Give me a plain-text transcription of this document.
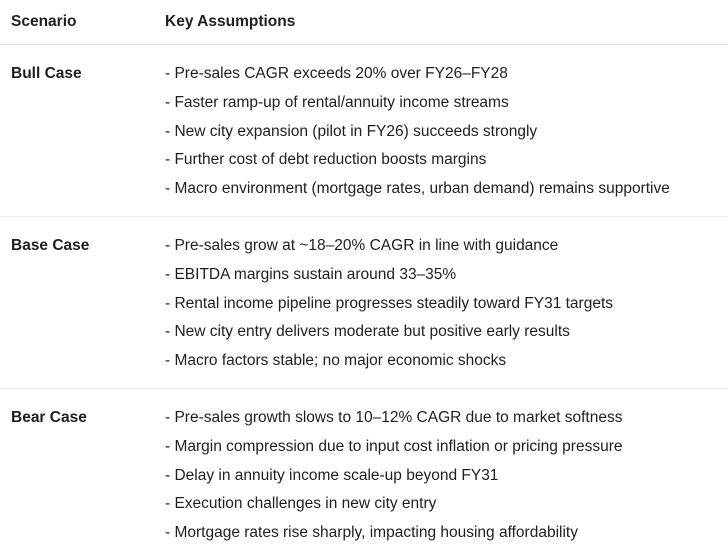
Scenario	Key Assumptions
Bull Case	- Pre-sales CAGR exceeds 20% over FY26–FY28
- Faster ramp-up of rental/annuity income streams
- New city expansion (pilot in FY26) succeeds strongly
- Further cost of debt reduction boosts margins
- Macro environment (mortgage rates, urban demand) remains supportive
Base Case	- Pre-sales grow at ~18–20% CAGR in line with guidance
- EBITDA margins sustain around 33–35%
- Rental income pipeline progresses steadily toward FY31 targets
- New city entry delivers moderate but positive early results
- Macro factors stable; no major economic shocks
Bear Case	- Pre-sales growth slows to 10–12% CAGR due to market softness
- Margin compression due to input cost inflation or pricing pressure
- Delay in annuity income scale-up beyond FY31
- Execution challenges in new city entry
- Mortgage rates rise sharply, impacting housing affordability
